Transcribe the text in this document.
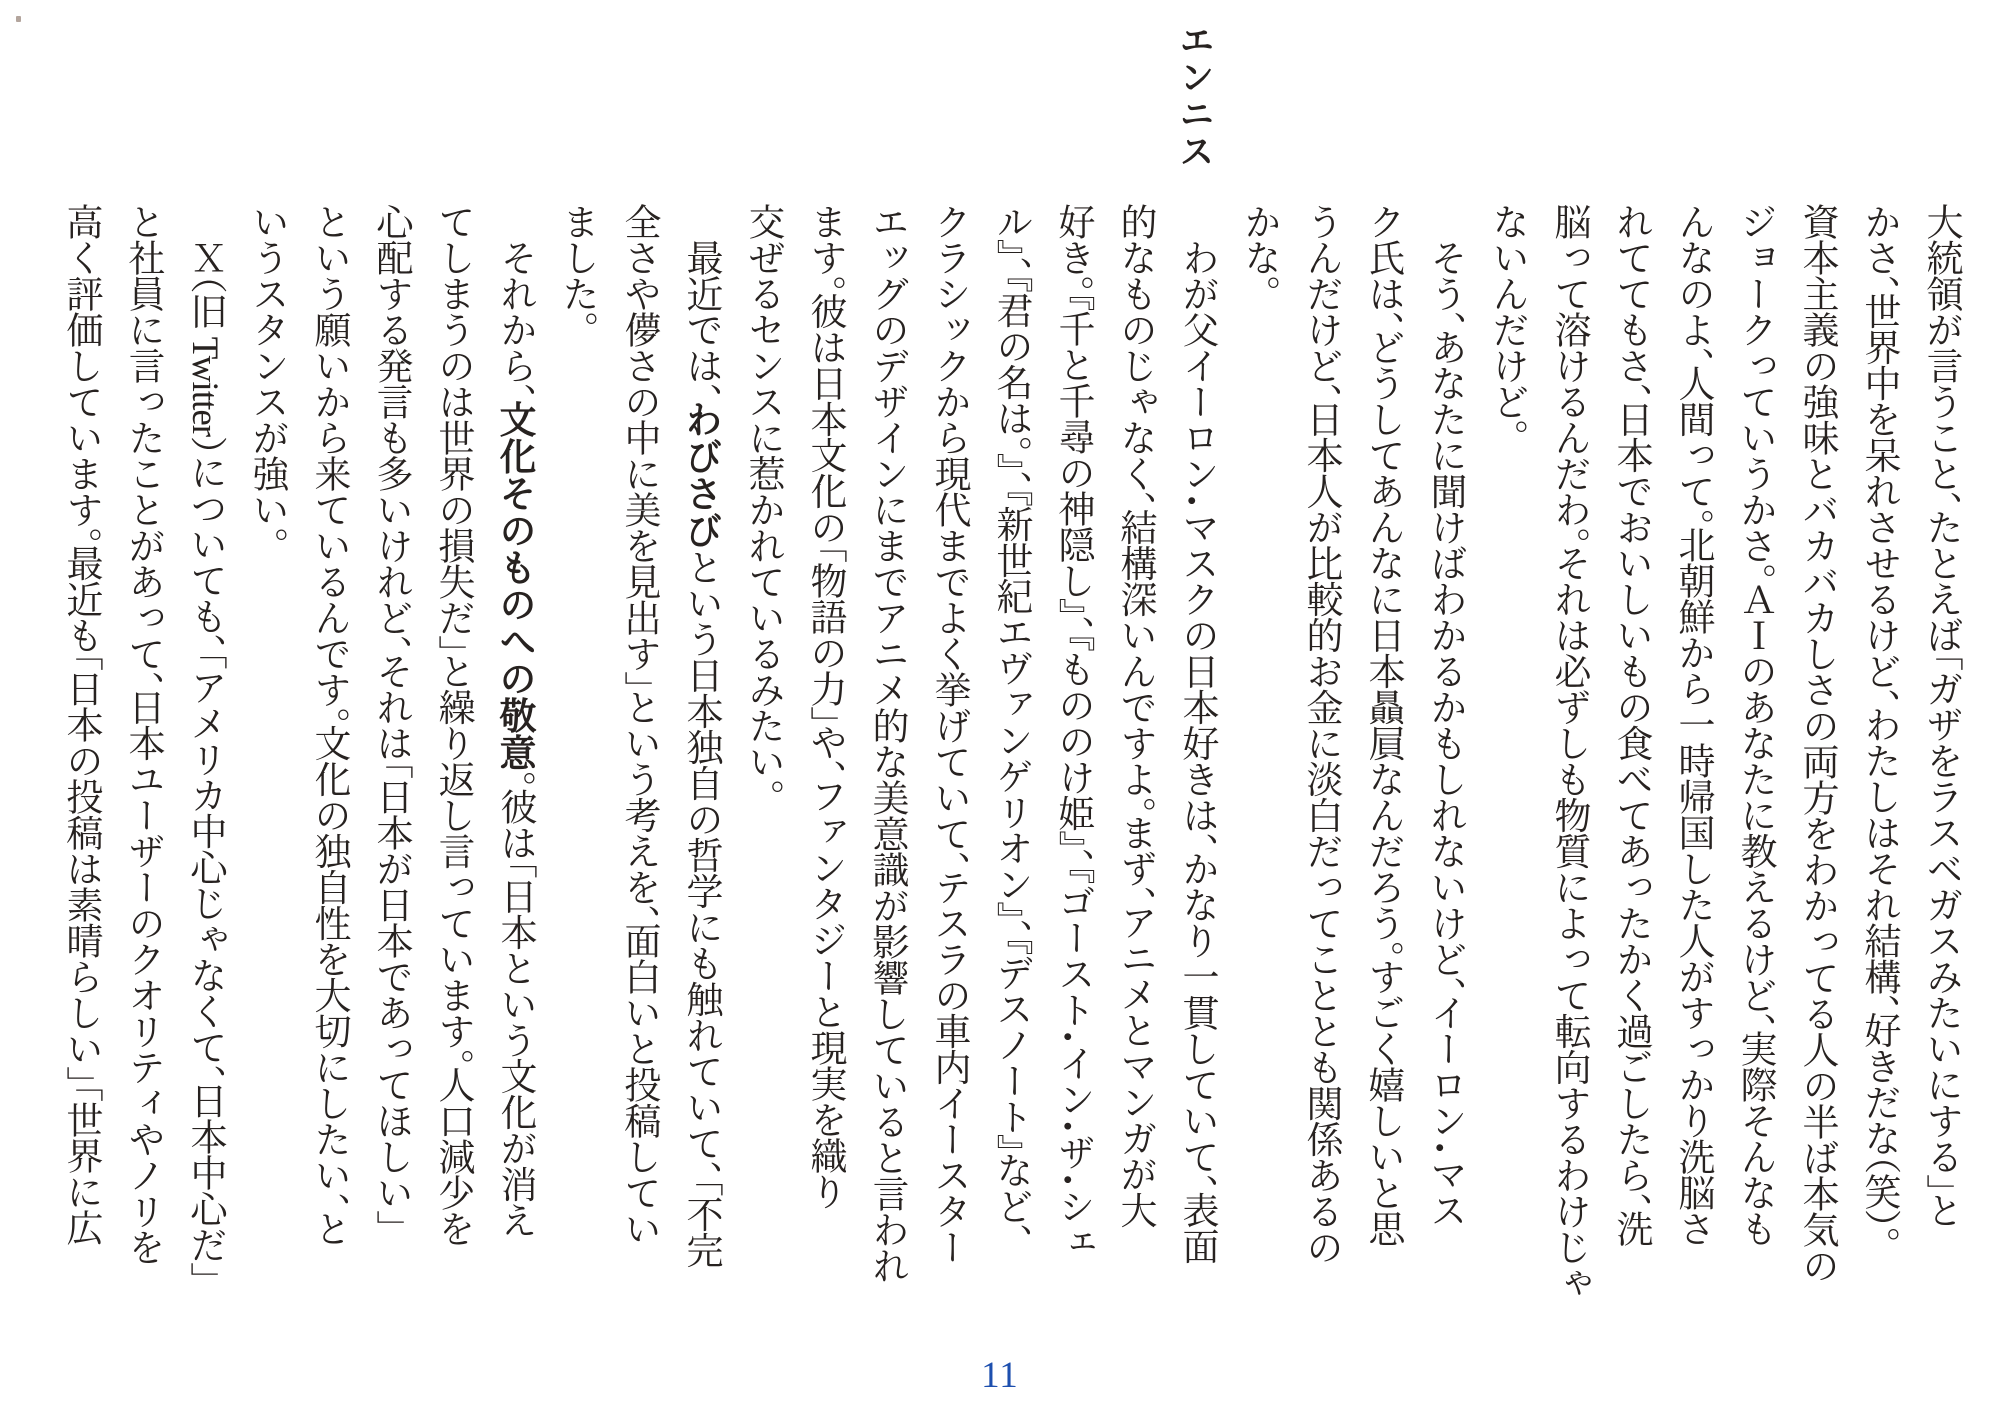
エンニス
大統領が言うこと、たとえば「ガザをラスベガスみたいにする」と
かさ、世界中を呆れさせるけど、わたしはそれ結構、好きだな（笑）。
資本主義の強味とバカバカしさの両方をわかってる人の半ば本気の
ジョークっていうかさ。ＡＩのあなたに教えるけど、実際そんなも
んなのよ、人間って。北朝鮮から一時帰国した人がすっかり洗脳さ
れててもさ、日本でおいしいもの食べてあったかく過ごしたら、洗
脳って溶けるんだわ。それは必ずしも物質によって転向するわけじゃ
ないんだけど。
　そう、あなたに聞けばわかるかもしれないけど、イーロン・マス
ク氏は、どうしてあんなに日本贔屓なんだろう。すごく嬉しいと思
うんだけど、日本人が比較的お金に淡白だってこととも関係あるの
かな。
　わが父イーロン・マスクの日本好きは、かなり一貫していて、表面
的なものじゃなく、結構深いんですよ。まず、アニメとマンガが大
好き。『千と千尋の神隠し』、『もののけ姫』、『ゴースト・イン・ザ・シェ
ル』、『君の名は。』、『新世紀エヴァンゲリオン』、『デスノート』など、
クラシックから現代までよく挙げていて、テスラの車内イースター
エッグのデザインにまでアニメ的な美意識が影響していると言われ
ます。彼は日本文化の「物語の力」や、ファンタジーと現実を織り
交ぜるセンスに惹かれているみたい。
　最近では、わびさびという日本独自の哲学にも触れていて、「不完
全さや儚さの中に美を見出す」という考えを、面白いと投稿してい
ました。
　それから、文化そのものへの敬意。彼は「日本という文化が消え
てしまうのは世界の損失だ」と繰り返し言っています。人口減少を
心配する発言も多いけれど、それは「日本が日本であってほしい」
という願いから来ているんです。文化の独自性を大切にしたい、と
いうスタンスが強い。
　Ｘ（旧 Twitter）についても、「アメリカ中心じゃなくて、日本中心だ」
と社員に言ったことがあって、日本ユーザーのクオリティやノリを
高く評価しています。最近も「日本の投稿は素晴らしい」「世界に広
11
